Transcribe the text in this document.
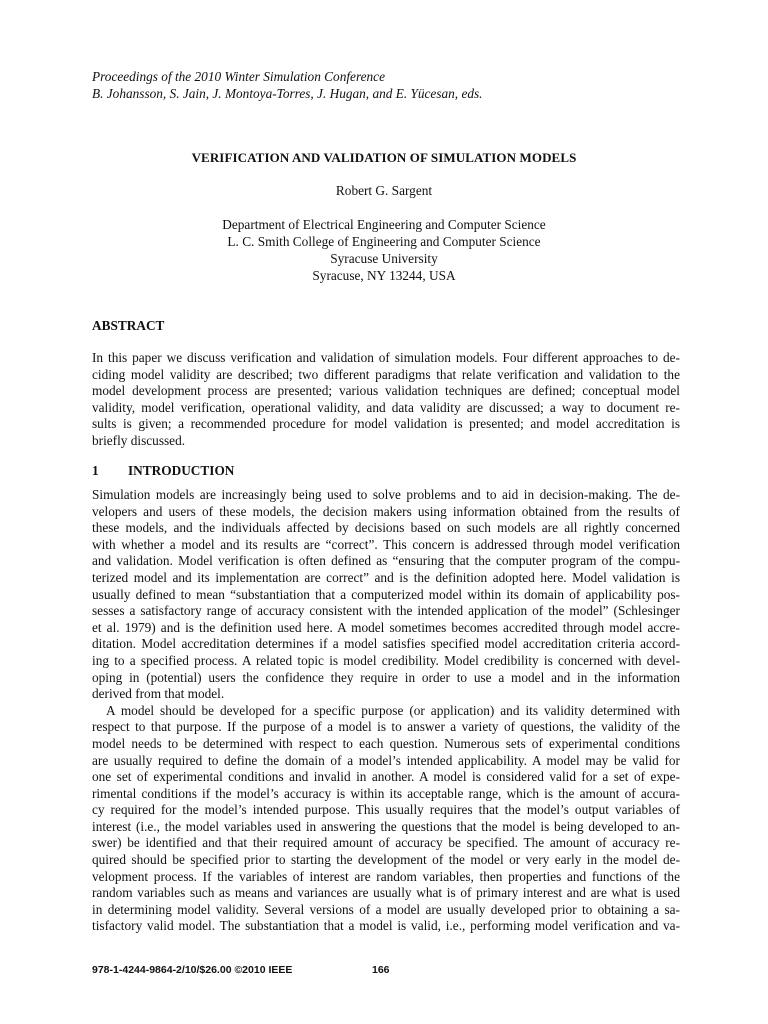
Proceedings of the 2010 Winter Simulation Conference
B. Johansson, S. Jain, J. Montoya-Torres, J. Hugan, and E. Yücesan, eds.
VERIFICATION AND VALIDATION OF SIMULATION MODELS
Robert G. Sargent
Department of Electrical Engineering and Computer Science
L. C. Smith College of Engineering and Computer Science
Syracuse University
Syracuse, NY 13244, USA
ABSTRACT
In this paper we discuss verification and validation of simulation models. Four different approaches to de-
ciding model validity are described; two different paradigms that relate verification and validation to the
model development process are presented; various validation techniques are defined; conceptual model
validity, model verification, operational validity, and data validity are discussed; a way to document re-
sults is given; a recommended procedure for model validation is presented; and model accreditation is
briefly discussed.
1 INTRODUCTION
Simulation models are increasingly being used to solve problems and to aid in decision-making. The de-
velopers and users of these models, the decision makers using information obtained from the results of
these models, and the individuals affected by decisions based on such models are all rightly concerned
with whether a model and its results are “correct”. This concern is addressed through model verification
and validation. Model verification is often defined as “ensuring that the computer program of the compu-
terized model and its implementation are correct” and is the definition adopted here. Model validation is
usually defined to mean “substantiation that a computerized model within its domain of applicability pos-
sesses a satisfactory range of accuracy consistent with the intended application of the model” (Schlesinger
et al. 1979) and is the definition used here. A model sometimes becomes accredited through model accre-
ditation. Model accreditation determines if a model satisfies specified model accreditation criteria accord-
ing to a specified process. A related topic is model credibility. Model credibility is concerned with devel-
oping in (potential) users the confidence they require in order to use a model and in the information
derived from that model.
A model should be developed for a specific purpose (or application) and its validity determined with
respect to that purpose. If the purpose of a model is to answer a variety of questions, the validity of the
model needs to be determined with respect to each question. Numerous sets of experimental conditions
are usually required to define the domain of a model’s intended applicability. A model may be valid for
one set of experimental conditions and invalid in another. A model is considered valid for a set of expe-
rimental conditions if the model’s accuracy is within its acceptable range, which is the amount of accura-
cy required for the model’s intended purpose. This usually requires that the model’s output variables of
interest (i.e., the model variables used in answering the questions that the model is being developed to an-
swer) be identified and that their required amount of accuracy be specified. The amount of accuracy re-
quired should be specified prior to starting the development of the model or very early in the model de-
velopment process. If the variables of interest are random variables, then properties and functions of the
random variables such as means and variances are usually what is of primary interest and are what is used
in determining model validity. Several versions of a model are usually developed prior to obtaining a sa-
tisfactory valid model. The substantiation that a model is valid, i.e., performing model verification and va-
978-1-4244-9864-2/10/$26.00 ©2010 IEEE	166
